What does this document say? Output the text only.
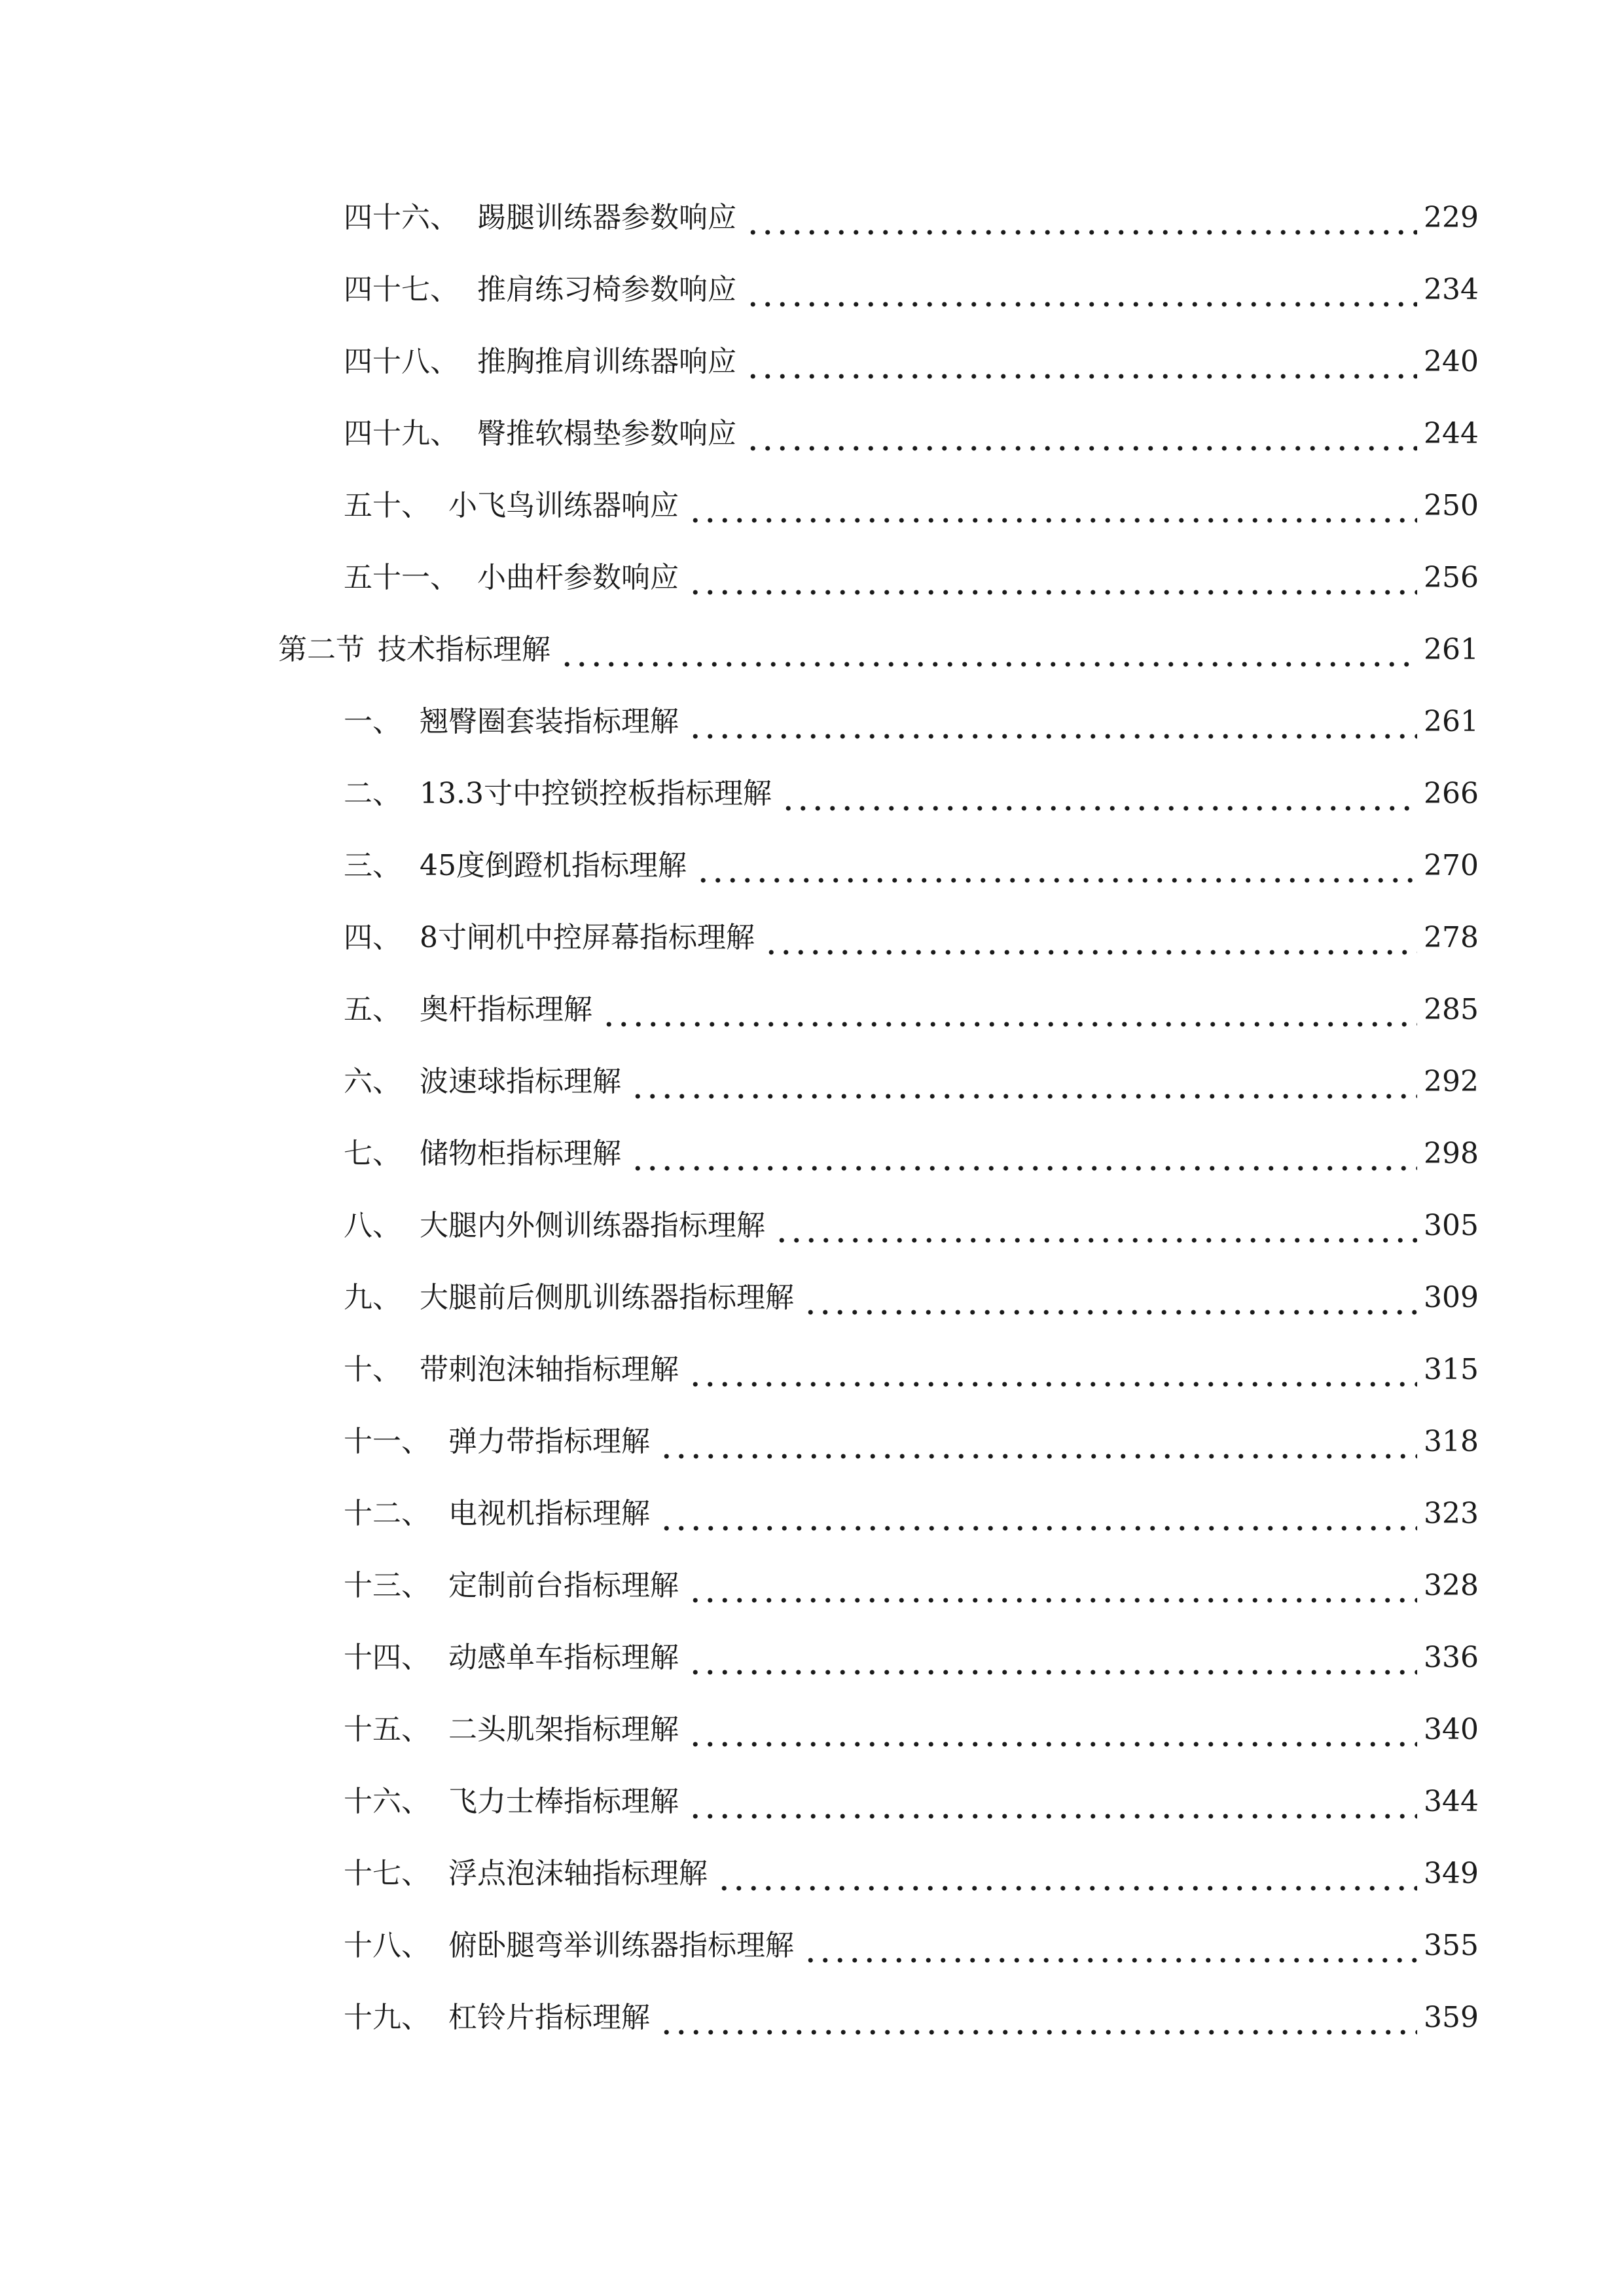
四十六、 踢腿训练器参数响应	229
四十七、 推肩练习椅参数响应	234
四十八、 推胸推肩训练器响应	240
四十九、 臀推软榻垫参数响应	244
五十、 小飞鸟训练器响应	250
五十一、 小曲杆参数响应	256
第二节 技术指标理解	261
一、 翘臀圈套装指标理解	261
二、 13.3寸中控锁控板指标理解	266
三、 45度倒蹬机指标理解	270
四、 8寸闸机中控屏幕指标理解	278
五、 奥杆指标理解	285
六、 波速球指标理解	292
七、 储物柜指标理解	298
八、 大腿内外侧训练器指标理解	305
九、 大腿前后侧肌训练器指标理解	309
十、 带刺泡沫轴指标理解	315
十一、 弹力带指标理解	318
十二、 电视机指标理解	323
十三、 定制前台指标理解	328
十四、 动感单车指标理解	336
十五、 二头肌架指标理解	340
十六、 飞力士棒指标理解	344
十七、 浮点泡沫轴指标理解	349
十八、 俯卧腿弯举训练器指标理解	355
十九、 杠铃片指标理解	359
